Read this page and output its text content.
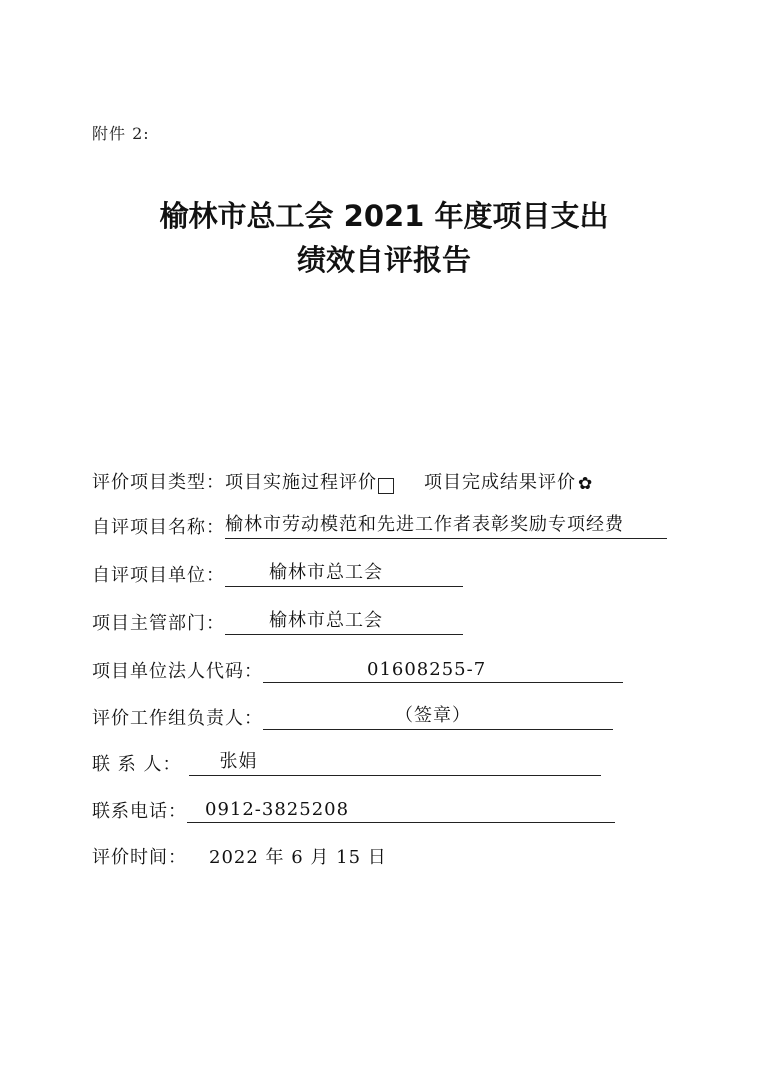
附件 2:
榆林市总工会 2021 年度项目支出
绩效自评报告
评价项目类型： 项目实施过程评价	项目完成结果评价 ✿
自评项目名称： 榆林市劳动模范和先进工作者表彰奖励专项经费
自评项目单位： 榆林市总工会
项目主管部门： 榆林市总工会
项目单位法人代码：	01608255-7
评价工作组负责人：	（签章）
联 系 人： 张娟
联系电话： 0912-3825208
评价时间： 2022 年 6 月 15 日
